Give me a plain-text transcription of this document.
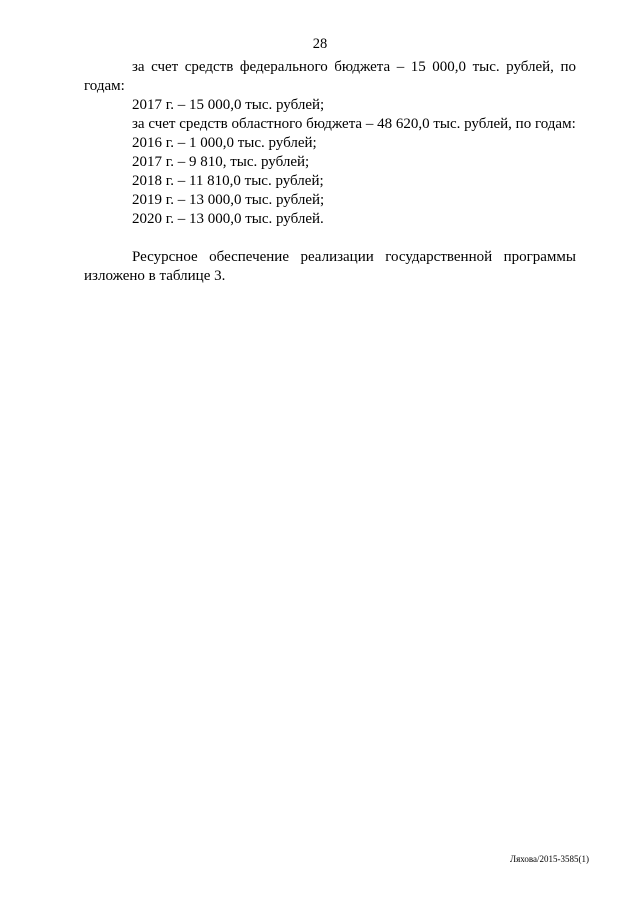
28

за счет средств федерального бюджета – 15 000,0 тыс. рублей, по годам:

2017 г. – 15 000,0 тыс. рублей;

за счет средств областного бюджета – 48 620,0 тыс. рублей, по годам:

2016 г. – 1 000,0 тыс. рублей;

2017 г. – 9 810, тыс. рублей;

2018 г. – 11 810,0 тыс. рублей;

2019 г. – 13 000,0 тыс. рублей;

2020 г. – 13 000,0 тыс. рублей.

Ресурсное обеспечение реализации государственной программы изложено в таблице 3.

Ляхова/2015-3585(1)
